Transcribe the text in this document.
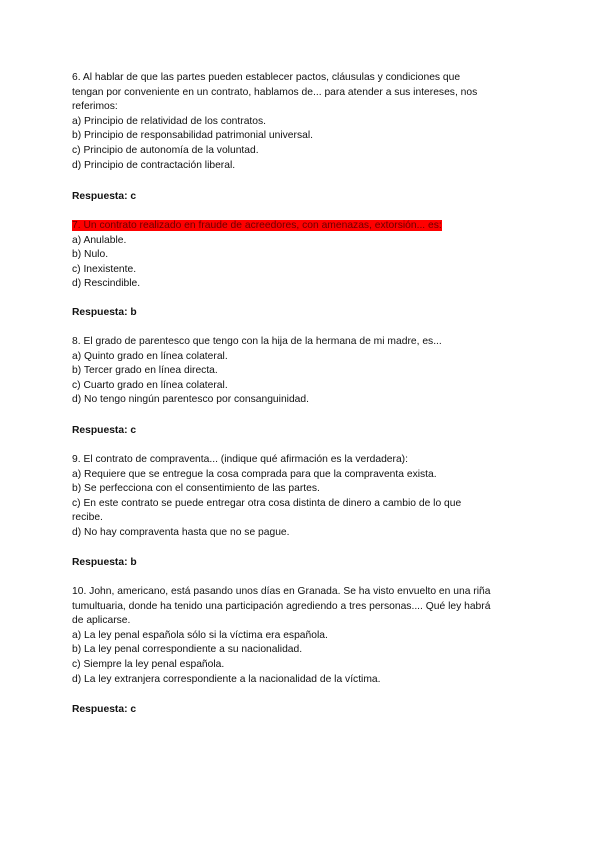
6. Al hablar de que las partes pueden establecer pactos, cláusulas y condiciones que
tengan por conveniente en un contrato, hablamos de... para atender a sus intereses, nos
referimos:
a) Principio de relatividad de los contratos.
b) Principio de responsabilidad patrimonial universal.
c) Principio de autonomía de la voluntad.
d) Principio de contractación liberal.
Respuesta: c
7. Un contrato realizado en fraude de acreedores, con amenazas, extorsión... es:
a) Anulable.
b) Nulo.
c) Inexistente.
d) Rescindible.
Respuesta: b
8. El grado de parentesco que tengo con la hija de la hermana de mi madre, es...
a) Quinto grado en línea colateral.
b) Tercer grado en línea directa.
c) Cuarto grado en línea colateral.
d) No tengo ningún parentesco por consanguinidad.
Respuesta: c
9. El contrato de compraventa... (indique qué afirmación es la verdadera):
a) Requiere que se entregue la cosa comprada para que la compraventa exista.
b) Se perfecciona con el consentimiento de las partes.
c) En este contrato se puede entregar otra cosa distinta de dinero a cambio de lo que
recibe.
d) No hay compraventa hasta que no se pague.
Respuesta: b
10. John, americano, está pasando unos días en Granada. Se ha visto envuelto en una riña
tumultuaria, donde ha tenido una participación agrediendo a tres personas.... Qué ley habrá
de aplicarse.
a) La ley penal española sólo si la víctima era española.
b) La ley penal correspondiente a su nacionalidad.
c) Siempre la ley penal española.
d) La ley extranjera correspondiente a la nacionalidad de la víctima.
Respuesta: c
